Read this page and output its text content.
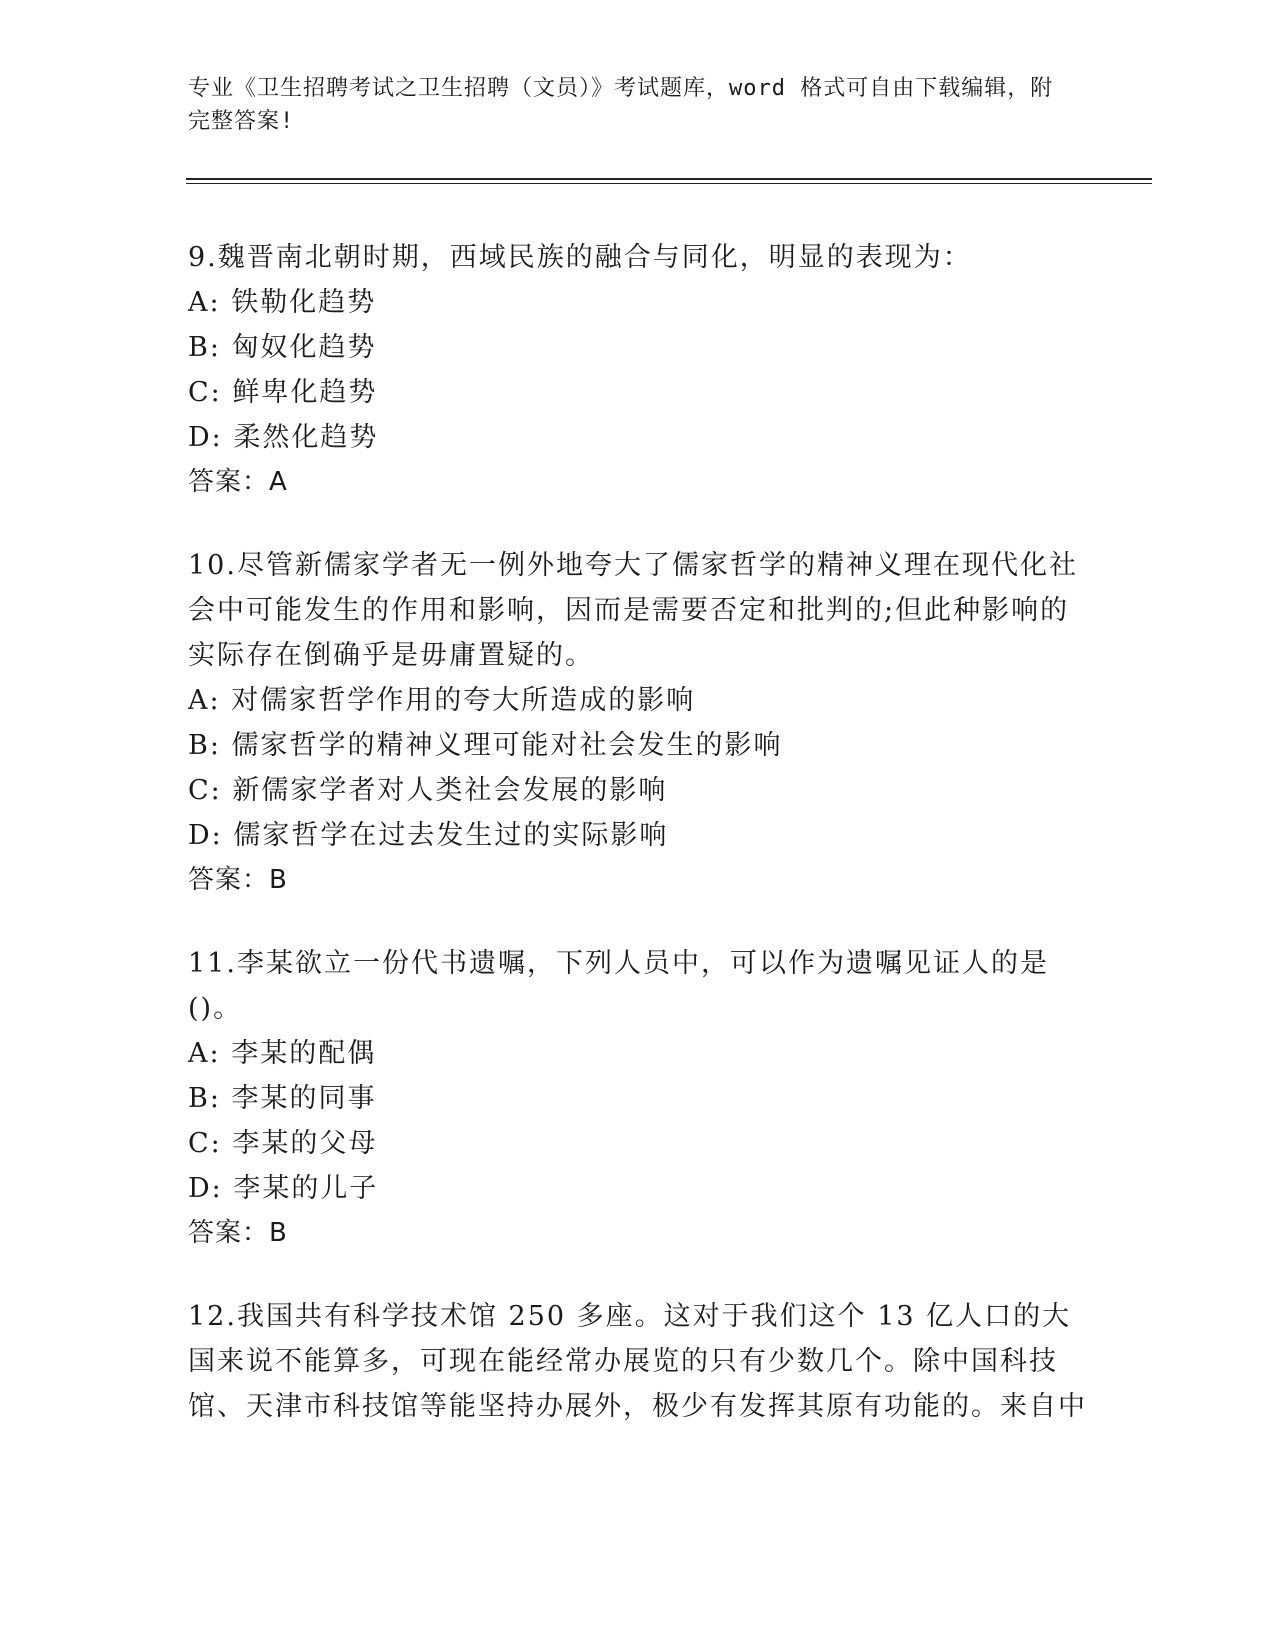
专业《卫生招聘考试之卫生招聘（文员）》考试题库，word 格式可自由下载编辑，附完整答案!

9.魏晋南北朝时期，西域民族的融合与同化，明显的表现为：

A: 铁勒化趋势

B: 匈奴化趋势

C: 鲜卑化趋势

D: 柔然化趋势

答案：A

10.尽管新儒家学者无一例外地夸大了儒家哲学的精神义理在现代化社会中可能发生的作用和影响，因而是需要否定和批判的;但此种影响的实际存在倒确乎是毋庸置疑的。

A: 对儒家哲学作用的夸大所造成的影响

B: 儒家哲学的精神义理可能对社会发生的影响

C: 新儒家学者对人类社会发展的影响

D: 儒家哲学在过去发生过的实际影响

答案：B

11.李某欲立一份代书遗嘱，下列人员中，可以作为遗嘱见证人的是()。

A: 李某的配偶

B: 李某的同事

C: 李某的父母

D: 李某的儿子

答案：B

12.我国共有科学技术馆 250 多座。这对于我们这个 13 亿人口的大国来说不能算多，可现在能经常办展览的只有少数几个。除中国科技馆、天津市科技馆等能坚持办展外，极少有发挥其原有功能的。来自中
